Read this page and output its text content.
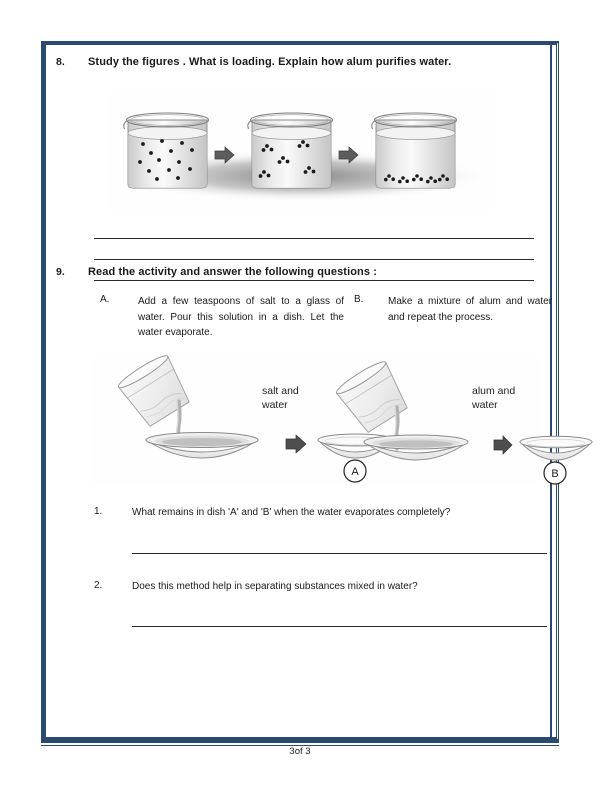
8.	Study the figures . What is loading. Explain how alum purifies water.
9.	Read the activity and answer the following questions :
A.	Add a few teaspoons of salt to a glass of water. Pour this solution in a dish. Let the water evaporate.
B.	Make a mixture of alum and water and repeat the process.
salt and
water
A
alum and
water
B
1.	What remains in dish 'A' and 'B' when the water evaporates completely?
2.	Does this method help in separating substances mixed in water?
3of 3
